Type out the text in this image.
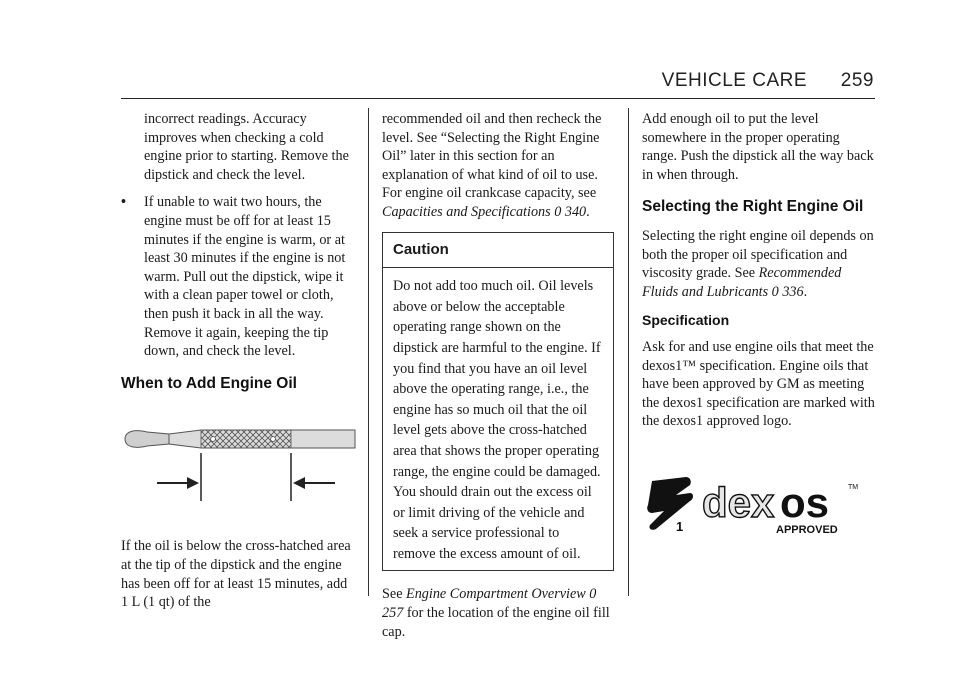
VEHICLE CARE 259

incorrect readings. Accuracy improves when checking a cold engine prior to starting. Remove the dipstick and check the level.

• If unable to wait two hours, the engine must be off for at least 15 minutes if the engine is warm, or at least 30 minutes if the engine is not warm. Pull out the dipstick, wipe it with a clean paper towel or cloth, then push it back in all the way. Remove it again, keeping the tip down, and check the level.

When to Add Engine Oil

If the oil is below the cross-hatched area at the tip of the dipstick and the engine has been off for at least 15 minutes, add 1 L (1 qt) of the

recommended oil and then recheck the level. See “Selecting the Right Engine Oil” later in this section for an explanation of what kind of oil to use. For engine oil crankcase capacity, see Capacities and Specifications 0 340.

Caution
Do not add too much oil. Oil levels above or below the acceptable operating range shown on the dipstick are harmful to the engine. If you find that you have an oil level above the operating range, i.e., the engine has so much oil that the oil level gets above the cross-hatched area that shows the proper operating range, the engine could be damaged. You should drain out the excess oil or limit driving of the vehicle and seek a service professional to remove the excess amount of oil.

See Engine Compartment Overview 0 257 for the location of the engine oil fill cap.

Add enough oil to put the level somewhere in the proper operating range. Push the dipstick all the way back in when through.

Selecting the Right Engine Oil

Selecting the right engine oil depends on both the proper oil specification and viscosity grade. See Recommended Fluids and Lubricants 0 336.

Specification

Ask for and use engine oils that meet the dexos1™ specification. Engine oils that have been approved by GM as meeting the dexos1 specification are marked with the dexos1 approved logo.

1
dex os	TM
APPROVED
